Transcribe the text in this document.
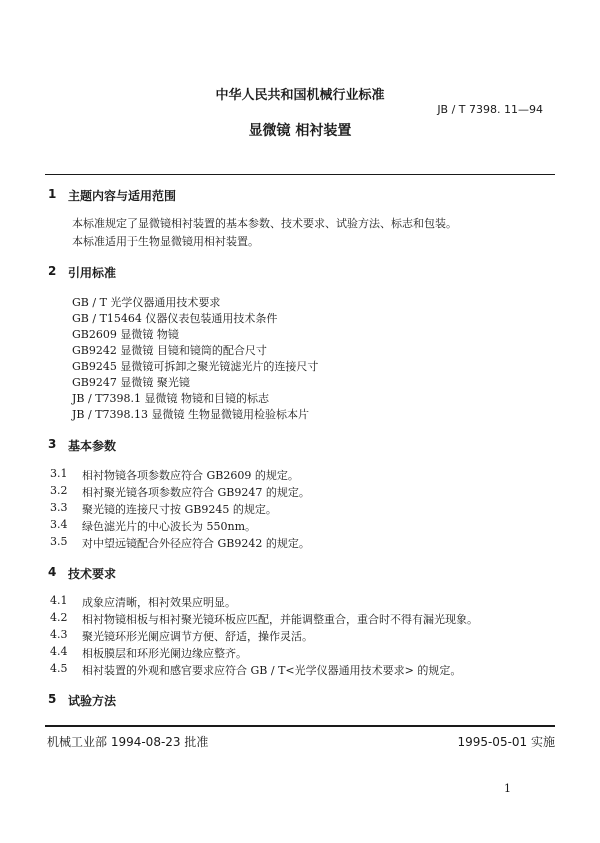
中华人民共和国机械行业标准
JB / T 7398. 11—94
显微镜 相衬装置
1 主题内容与适用范围
本标准规定了显微镜相衬装置的基本参数、技术要求、试验方法、标志和包装。
本标准适用于生物显微镜用相衬装置。
2 引用标准
GB / T 光学仪器通用技术要求
GB / T15464 仪器仪表包装通用技术条件
GB2609 显微镜 物镜
GB9242 显微镜 目镜和镜筒的配合尺寸
GB9245 显微镜可拆卸之聚光镜滤光片的连接尺寸
GB9247 显微镜 聚光镜
JB / T7398.1 显微镜 物镜和目镜的标志
JB / T7398.13 显微镜 生物显微镜用检验标本片
3 基本参数
3.1 相衬物镜各项参数应符合 GB2609 的规定。
3.2 相衬聚光镜各项参数应符合 GB9247 的规定。
3.3 聚光镜的连接尺寸按 GB9245 的规定。
3.4 绿色滤光片的中心波长为 550nm。
3.5 对中望远镜配合外径应符合 GB9242 的规定。
4 技术要求
4.1 成象应清晰，相衬效果应明显。
4.2 相衬物镜相板与相衬聚光镜环板应匹配，并能调整重合，重合时不得有漏光现象。
4.3 聚光镜环形光阑应调节方便、舒适，操作灵活。
4.4 相板膜层和环形光阑边缘应整齐。
4.5 相衬装置的外观和感官要求应符合 GB / T<光学仪器通用技术要求> 的规定。
5 试验方法
机械工业部 1994-08-23 批准	1995-05-01 实施
1
